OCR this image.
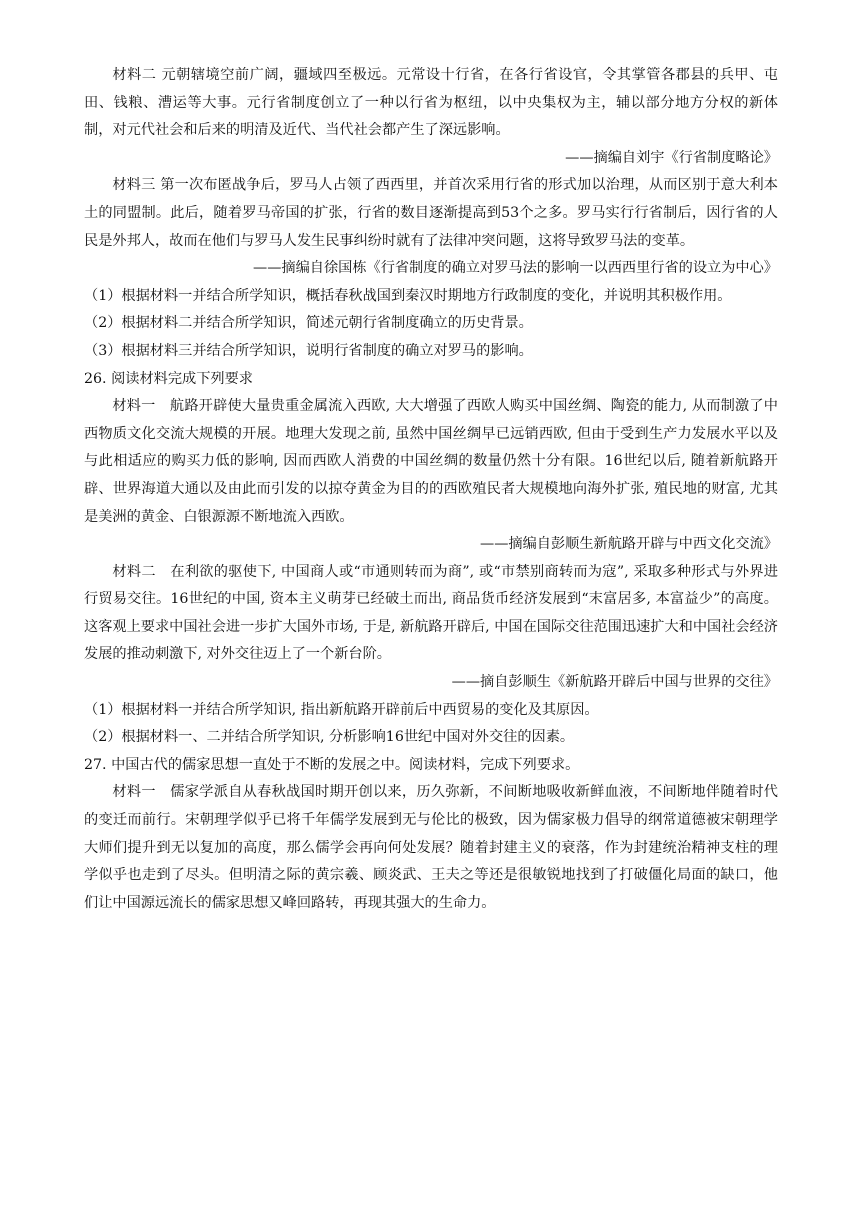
材料二 元朝辖境空前广阔，疆域四至极远。元常设十行省，在各行省设官，令其掌管各郡县的兵甲、屯田、钱粮、漕运等大事。元行省制度创立了一种以行省为枢纽，以中央集权为主，辅以部分地方分权的新体制，对元代社会和后来的明清及近代、当代社会都产生了深远影响。

——摘编自刘宇《行省制度略论》

材料三 第一次布匿战争后，罗马人占领了西西里，并首次采用行省的形式加以治理，从而区别于意大利本土的同盟制。此后，随着罗马帝国的扩张，行省的数目逐渐提高到53个之多。罗马实行行省制后，因行省的人民是外邦人，故而在他们与罗马人发生民事纠纷时就有了法律冲突问题，这将导致罗马法的变革。

——摘编自徐国栋《行省制度的确立对罗马法的影响一以西西里行省的设立为中心》

（1）根据材料一并结合所学知识，概括春秋战国到秦汉时期地方行政制度的变化，并说明其积极作用。

（2）根据材料二并结合所学知识，简述元朝行省制度确立的历史背景。

（3）根据材料三并结合所学知识，说明行省制度的确立对罗马的影响。

26. 阅读材料完成下列要求

材料一　航路开辟使大量贵重金属流入西欧, 大大增强了西欧人购买中国丝绸、陶瓷的能力, 从而制激了中西物质文化交流大规模的开展。地理大发现之前, 虽然中国丝绸早已远销西欧, 但由于受到生产力发展水平以及与此相适应的购买力低的影响, 因而西欧人消费的中国丝绸的数量仍然十分有限。16世纪以后, 随着新航路开辟、世界海道大通以及由此而引发的以掠夺黄金为目的的西欧殖民者大规模地向海外扩张, 殖民地的财富, 尤其是美洲的黄金、白银源源不断地流入西欧。

——摘编自彭顺生新航路开辟与中西文化交流》

材料二　在利欲的驱使下, 中国商人或“市通则转而为商”, 或“市禁别商转而为寇”, 采取多种形式与外界进行贸易交往。16世纪的中国, 资本主义萌芽已经破土而出, 商品货币经济发展到“末富居多, 本富益少”的高度。这客观上要求中国社会进一步扩大国外市场, 于是, 新航路开辟后, 中国在国际交往范围迅速扩大和中国社会经济发展的推动刺激下, 对外交往迈上了一个新台阶。

——摘自彭顺生《新航路开辟后中国与世界的交往》

（1）根据材料一并结合所学知识, 指出新航路开辟前后中西贸易的变化及其原因。

（2）根据材料一、二并结合所学知识, 分析影响16世纪中国对外交往的因素。

27. 中国古代的儒家思想一直处于不断的发展之中。阅读材料，完成下列要求。

材料一　儒家学派自从春秋战国时期开创以来，历久弥新，不间断地吸收新鲜血液，不间断地伴随着时代的变迁而前行。宋朝理学似乎已将千年儒学发展到无与伦比的极致，因为儒家极力倡导的纲常道德被宋朝理学大师们提升到无以复加的高度，那么儒学会再向何处发展？随着封建主义的衰落，作为封建统治精神支柱的理学似乎也走到了尽头。但明清之际的黄宗羲、顾炎武、王夫之等还是很敏锐地找到了打破僵化局面的缺口，他们让中国源远流长的儒家思想又峰回路转，再现其强大的生命力。
